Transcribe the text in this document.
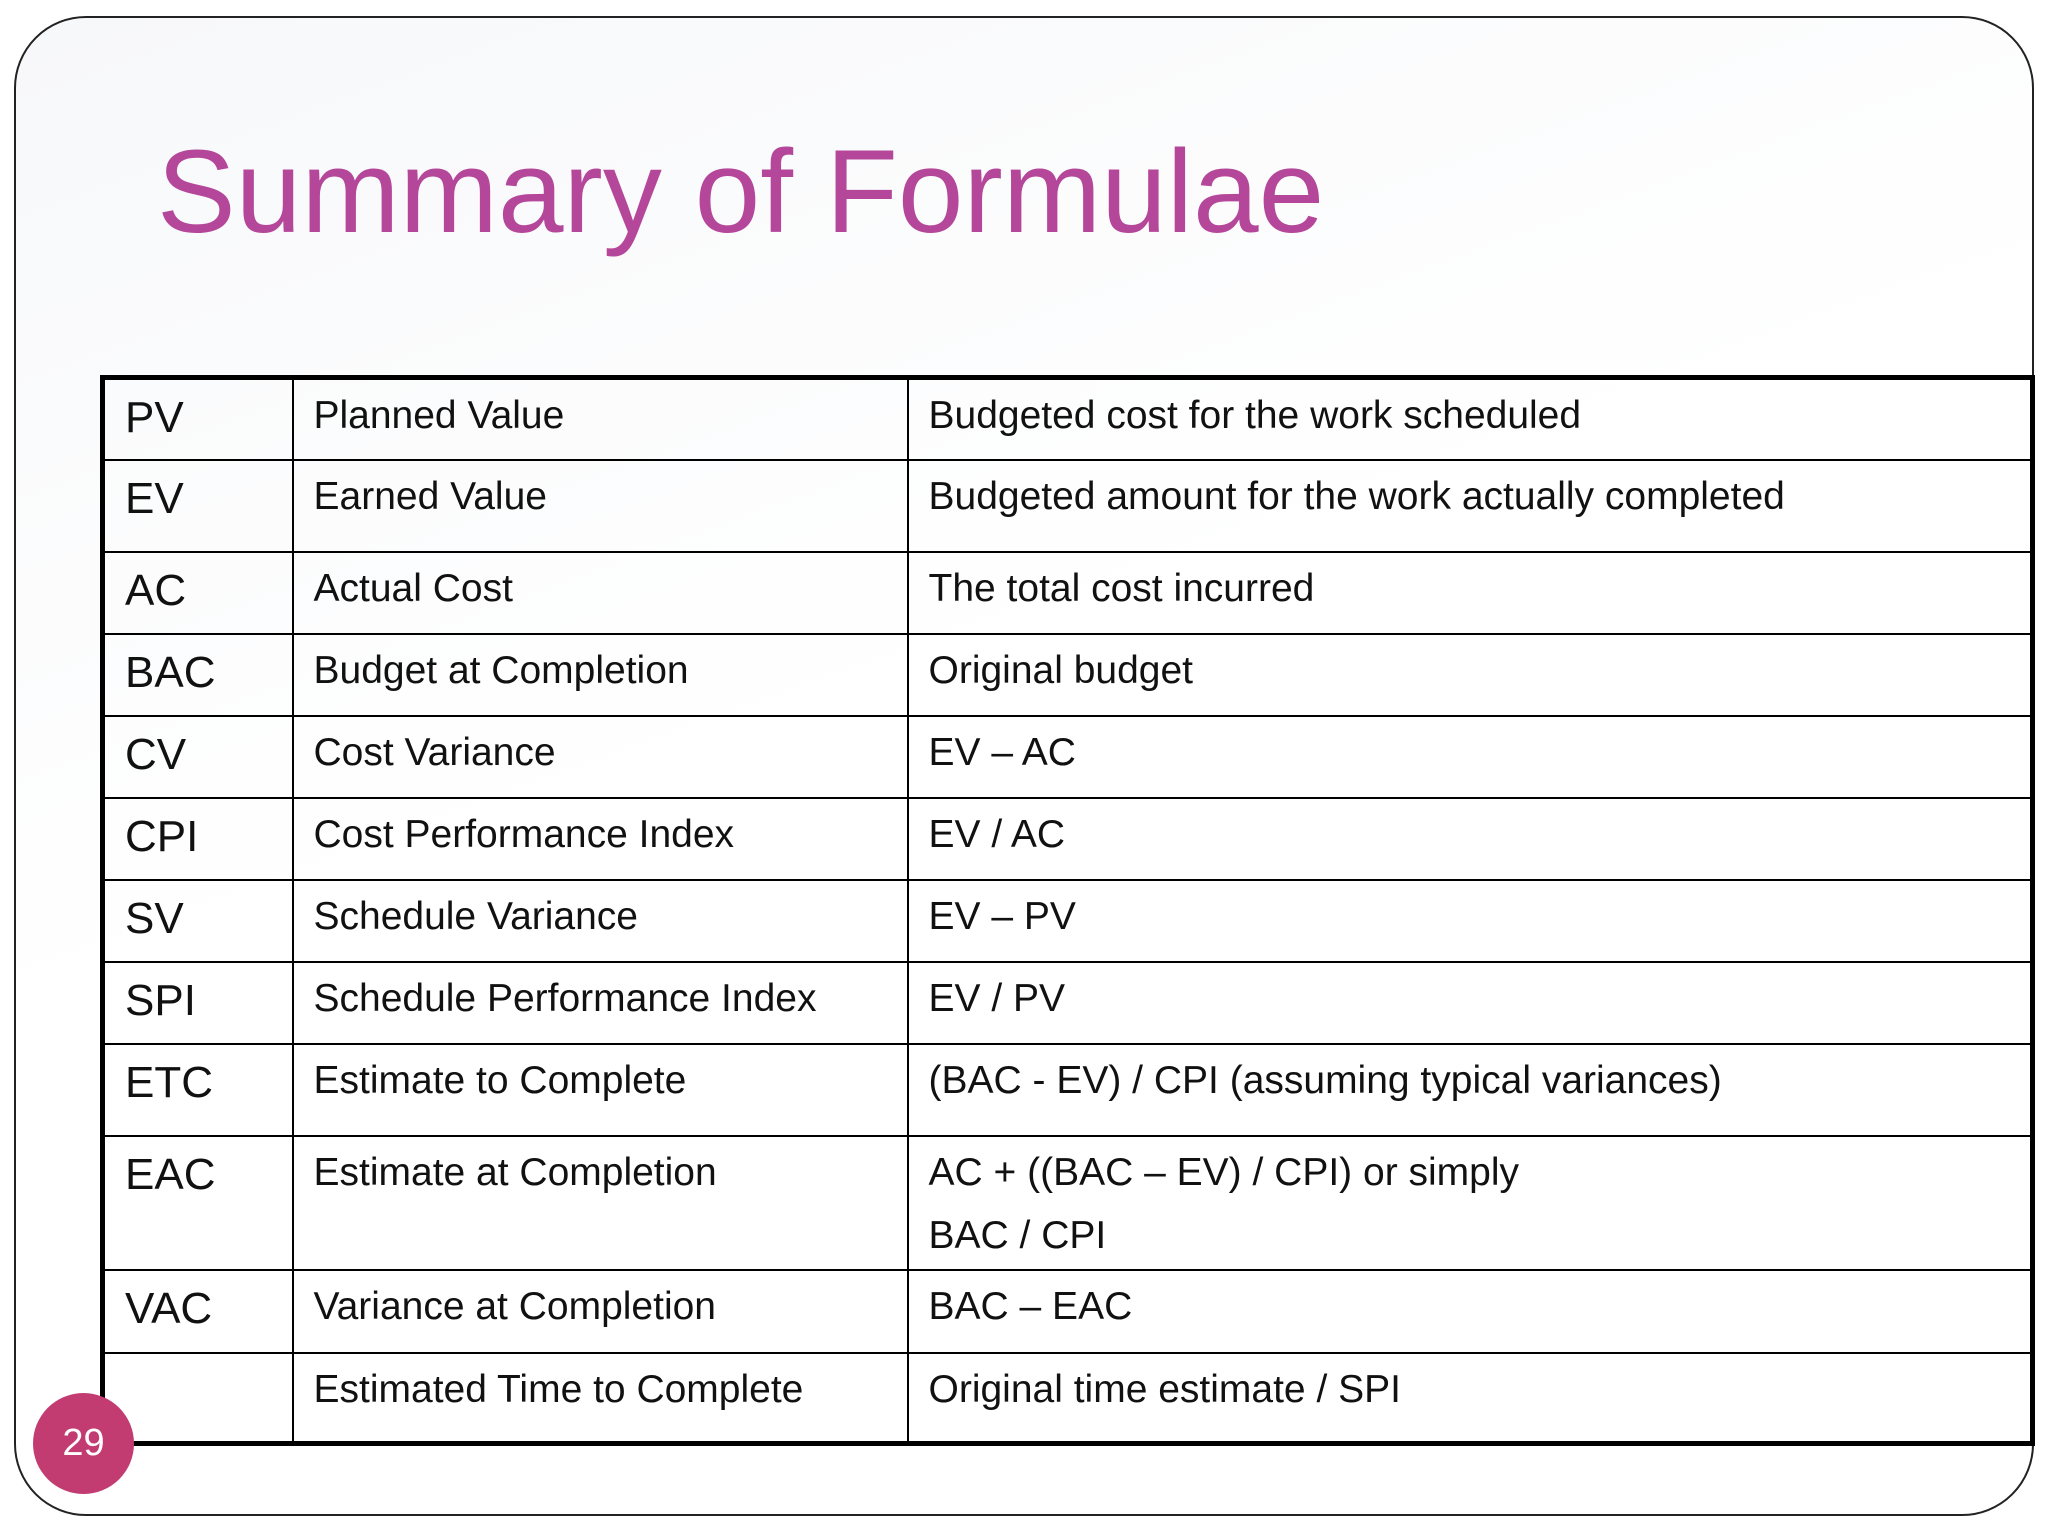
Summary of Formulae
PV	Planned Value	Budgeted cost for the work scheduled

EV	Earned Value	Budgeted amount for the work actually completed

AC	Actual Cost	The total cost incurred

BAC	Budget at Completion	Original budget

CV	Cost Variance	EV – AC

CPI	Cost Performance Index	EV / AC

SV	Schedule Variance	EV – PV

SPI	Schedule Performance Index	EV / PV

ETC	Estimate to Complete	(BAC - EV) / CPI (assuming typical variances)

EAC	Estimate at Completion	AC + ((BAC – EV) / CPI) or simply
BAC / CPI

VAC	Variance at Completion	BAC – EAC

	Estimated Time to Complete	Original time estimate / SPI
29
